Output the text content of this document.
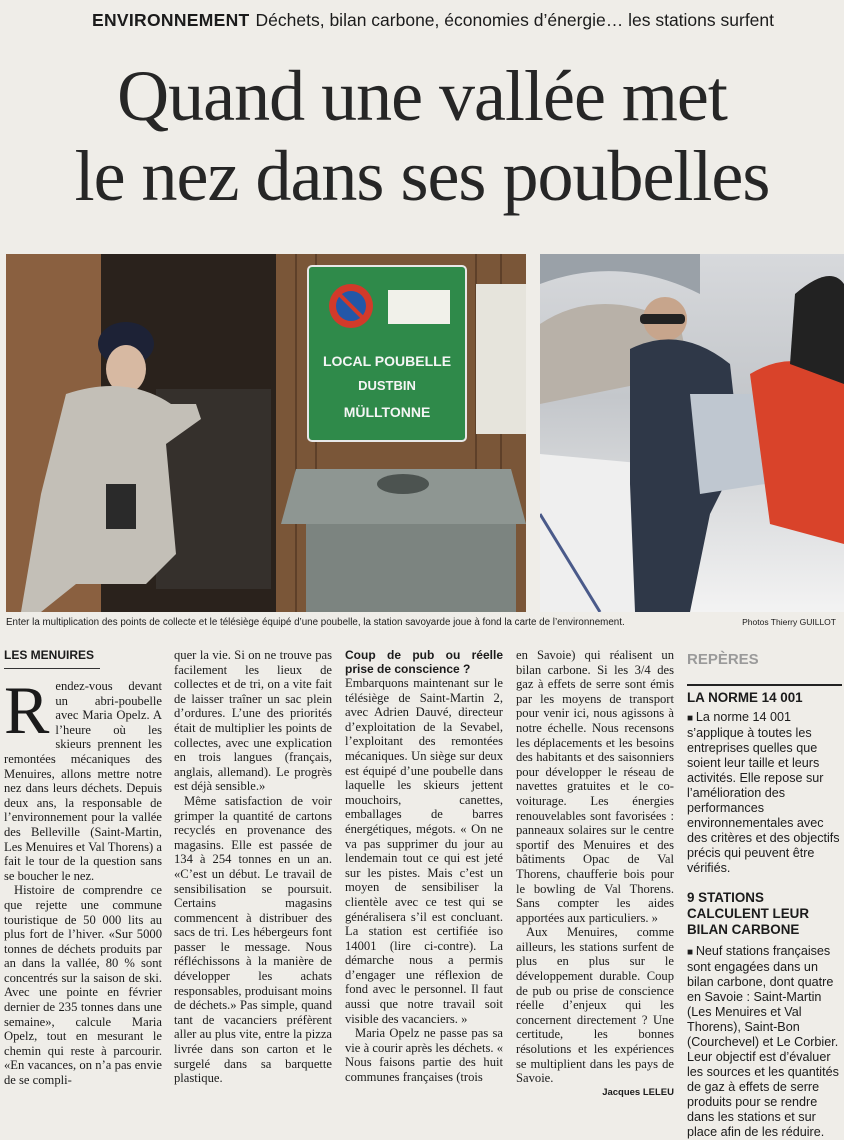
ENVIRONNEMENT Déchets, bilan carbone, économies d’énergie… les stations surfent
Quand une vallée met
le nez dans ses poubelles
LOCAL POUBELLE
DUSTBIN
MÜLLTONNE
Enter la multiplication des points de collecte et le télésiège équipé d’une poubelle, la station savoyarde joue à fond la carte de l’environnement.	Photos Thierry GUILLOT
LES MENUIRES

Rendez-vous devant un abri-poubelle avec Maria Opelz. A l’heure où les skieurs prennent les remontées mécaniques des Menuires, allons mettre notre nez dans leurs déchets. Depuis deux ans, la responsable de l’environnement pour la vallée des Belleville (Saint-Martin, Les Menuires et Val Thorens) a fait le tour de la question sans se boucher le nez.

Histoire de comprendre ce que rejette une commune touristique de 50 000 lits au plus fort de l’hiver. «Sur 5000 tonnes de déchets produits par an dans la vallée, 80 % sont concentrés sur la saison de ski. Avec une pointe en février dernier de 235 tonnes dans une semaine», calcule Maria Opelz, tout en mesurant le chemin qui reste à parcourir. «En vacances, on n’a pas envie de se compli-

quer la vie. Si on ne trouve pas facilement les lieux de collectes et de tri, on a vite fait de laisser traîner un sac plein d’ordures. L’une des priorités était de multiplier les points de collectes, avec une explication en trois langues (français, anglais, allemand). Le progrès est déjà sensible.»

Même satisfaction de voir grimper la quantité de cartons recyclés en provenance des magasins. Elle est passée de 134 à 254 tonnes en un an. «C’est un début. Le travail de sensibilisation se poursuit. Certains magasins commencent à distribuer des sacs de tri. Les hébergeurs font passer le message. Nous réfléchissons à la manière de développer les achats responsables, produisant moins de déchets.» Pas simple, quand tant de vacanciers préfèrent aller au plus vite, entre la pizza livrée dans son carton et le surgelé dans sa barquette plastique.

Coup de pub ou réelle prise de conscience ?

Embarquons maintenant sur le télésiège de Saint-Martin 2, avec Adrien Dauvé, directeur d’exploitation de la Sevabel, l’exploitant des remontées mécaniques. Un siège sur deux est équipé d’une poubelle dans laquelle les skieurs jettent mouchoirs, canettes, emballages de barres énergétiques, mégots. « On ne va pas supprimer du jour au lendemain tout ce qui est jeté sur les pistes. Mais c’est un moyen de sensibiliser la clientèle avec ce test qui se généralisera s’il est concluant. La station est certifiée iso 14001 (lire ci-contre). La démarche nous a permis d’engager une réflexion de fond avec le personnel. Il faut aussi que notre travail soit visible des vacanciers. »

Maria Opelz ne passe pas sa vie à courir après les déchets. « Nous faisons partie des huit communes françaises (trois

en Savoie) qui réalisent un bilan carbone. Si les 3/4 des gaz à effets de serre sont émis par les moyens de transport pour venir ici, nous agissons à notre échelle. Nous recensons les déplacements et les besoins des habitants et des saisonniers pour développer le réseau de navettes gratuites et le co-voiturage. Les énergies renouvelables sont favorisées : panneaux solaires sur le centre sportif des Menuires et des bâtiments Opac de Val Thorens, chaufferie bois pour le bowling de Val Thorens. Sans compter les aides apportées aux particuliers. »

Aux Menuires, comme ailleurs, les stations surfent de plus en plus sur le développement durable. Coup de pub ou prise de conscience réelle d’enjeux qui les concernent directement ? Une certitude, les bonnes résolutions et les expériences se multiplient dans les pays de Savoie.

Jacques LELEU
REPÈRES
LA NORME 14 001
■ La norme 14 001 s’applique à toutes les entreprises quelles que soient leur taille et leurs activités. Elle repose sur l’amélioration des performances environnementales avec des critères et des objectifs précis qui peuvent être vérifiés.
9 STATIONS CALCULENT LEUR BILAN CARBONE
■ Neuf stations françaises sont engagées dans un bilan carbone, dont quatre en Savoie : Saint-Martin (Les Menuires et Val Thorens), Saint-Bon (Courchevel) et Le Corbier. Leur objectif est d’évaluer les sources et les quantités de gaz à effets de serre produits pour se rendre dans les stations et sur place afin de les réduire.
